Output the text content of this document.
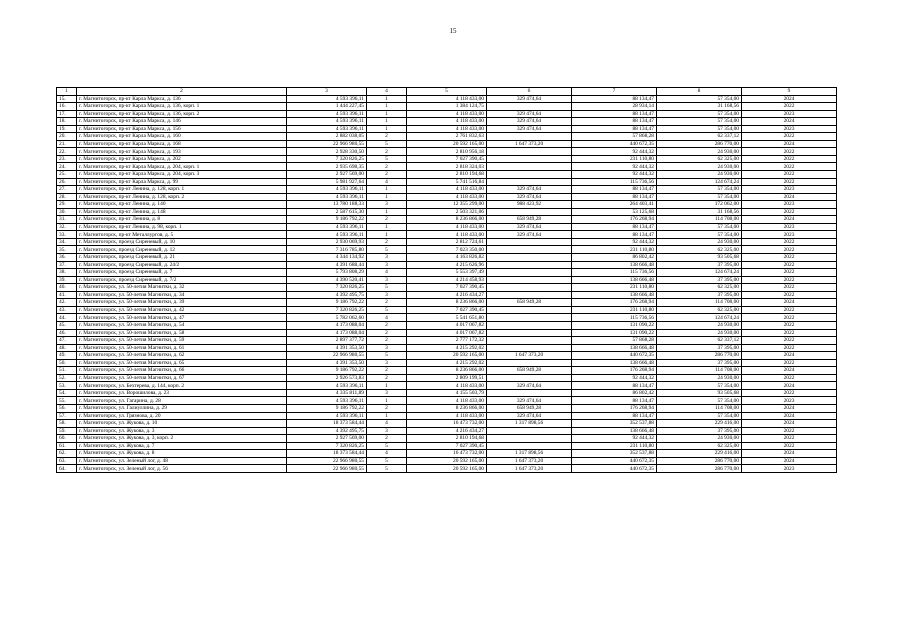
15
1	2	3	4	5	6	7	8	9
15.	г. Магнитогорск, пр-кт Карла Маркса, д. 136	4 593 396,11	1	4 118 433,00	329 474,64	88 134,47	57 354,00	2024
16.	г. Магнитогорск, пр-кт Карла Маркса, д. 136, корп. 1	1 444 227,45	1	1 384 124,75		28 934,14	31 168,56	2022
17.	г. Магнитогорск, пр-кт Карла Маркса, д. 136, корп. 2	4 593 396,11	1	4 118 433,00	329 474,64	88 134,47	57 354,00	2023
18.	г. Магнитогорск, пр-кт Карла Маркса, д. 146	4 593 396,11	1	4 118 433,00	329 474,64	88 134,47	57 354,00	2024
19.	г. Магнитогорск, пр-кт Карла Маркса, д. 156	4 593 396,11	1	4 118 433,00	329 474,64	88 134,47	57 354,00	2023
20.	г. Магнитогорск, пр-кт Карла Маркса, д. 160	2 882 038,05	2	2 761 832,63		57 868,28	62 337,12	2022
21.	г. Магнитогорск, пр-кт Карла Маркса, д. 168	22 966 980,55	5	20 592 165,00	1 647 373,20	440 672,35	286 770,00	2024
22.	г. Магнитогорск, пр-кт Карла Маркса, д. 193	2 928 330,50	2	2 810 956,18		92 444,32	24 930,00	2022
23.	г. Магнитогорск, пр-кт Карла Маркса, д. 202	7 320 826,25	5	7 027 390,45		231 110,80	62 325,00	2022
24.	г. Магнитогорск, пр-кт Карла Маркса, д. 204, корп. 1	2 935 698,35	2	2 818 324,03		92 444,32	24 930,00	2022
25.	г. Магнитогорск, пр-кт Карла Маркса, д. 204, корп. 3	2 927 569,00	2	2 810 194,68		92 444,32	24 930,00	2022
26.	г. Магнитогорск, пр-кт Карла Маркса, д. 99	5 981 927,64	4	5 741 516,84		115 736,56	124 674,24	2022
27.	г. Магнитогорск, пр-кт Ленина, д. 128, корп. 1	4 593 396,11	1	4 118 433,00	329 474,64	88 134,47	57 354,00	2023
28.	г. Магнитогорск, пр-кт Ленина, д. 128, корп. 2	4 593 396,11	1	4 118 433,00	329 474,64	88 134,47	57 354,00	2024
29.	г. Магнитогорск, пр-кт Ленина, д. 140	13 780 188,33	3	12 355 299,00	988 423,92	264 403,41	172 062,00	2023
30.	г. Магнитогорск, пр-кт Ленина, д. 148	2 587 615,30	1	2 503 321,06		53 125,68	31 168,56	2022
31.	г. Магнитогорск, пр-кт Ленина, д. 8	9 186 792,22	2	8 236 866,00	658 949,28	176 268,94	114 708,00	2024
32.	г. Магнитогорск, пр-кт Ленина, д. 98, корп. 1	4 593 396,11	1	4 118 433,00	329 474,64	88 134,47	57 354,00	2023
33.	г. Магнитогорск, пр-кт Металлургов, д. 5	4 593 396,11	1	4 118 433,00	329 474,64	88 134,47	57 354,00	2023
34.	г. Магнитогорск, проезд Сиреневый, д. 10	2 930 069,93	2	2 812 724,61		92 444,32	24 930,00	2022
35.	г. Магнитогорск, проезд Сиреневый, д. 12	7 316 785,80	5	7 023 350,00		231 110,80	62 325,00	2022
36.	г. Магнитогорск, проезд Сиреневый, д. 21	4 344 134,92	3	4 163 826,82		86 802,42	93 505,68	2022
37.	г. Магнитогорск, проезд Сиреневый, д. 24/2	4 391 688,44	3	4 215 626,96		138 666,48	37 395,00	2022
38.	г. Магнитогорск, проезд Сиреневый, д. 7	5 793 808,29	4	5 553 397,49		115 736,56	124 674,24	2022
39.	г. Магнитогорск, проезд Сиреневый, д. 7/2	4 390 520,41	3	4 214 458,93		138 666,48	37 395,00	2022
40.	г. Магнитогорск, ул. 50-летия Магнитки, д. 32	7 320 826,25	5	7 027 390,45		231 110,80	62 325,00	2022
41.	г. Магнитогорск, ул. 50-летия Магнитки, д. 34	4 392 495,75	3	4 216 434,27		138 666,48	37 395,00	2022
42.	г. Магнитогорск, ул. 50-летия Магнитки, д. 39	9 186 792,22	2	8 236 866,00	658 949,28	176 268,94	114 708,00	2024
43.	г. Магнитогорск, ул. 50-летия Магнитки, д. 42	7 320 826,25	5	7 027 390,45		231 110,80	62 325,00	2022
44.	г. Магнитогорск, ул. 50-летия Магнитки, д. 47	5 782 062,60	4	5 541 651,80		115 736,56	124 674,24	2022
45.	г. Магнитогорск, ул. 50-летия Магнитки, д. 54	4 173 088,04	2	4 017 067,82		131 090,22	24 930,00	2022
46.	г. Магнитогорск, ул. 50-летия Магнитки, д. 58	4 173 088,04	2	4 017 067,82		131 090,22	24 930,00	2022
47.	г. Магнитогорск, ул. 50-летия Магнитки, д. 59	2 897 377,72	2	2 777 172,32		57 868,28	62 337,12	2022
48.	г. Магнитогорск, ул. 50-летия Магнитки, д. 61	4 391 353,50	3	4 215 292,02		138 666,48	37 395,00	2022
49.	г. Магнитогорск, ул. 50-летия Магнитки, д. 62	22 966 980,55	5	20 592 165,00	1 647 373,20	440 672,35	286 770,00	2024
50.	г. Магнитогорск, ул. 50-летия Магнитки, д. 65	4 391 353,50	3	4 215 292,02		138 666,48	37 395,00	2022
51.	г. Магнитогорск, ул. 50-летия Магнитки, д. 66	9 186 792,22	2	8 236 866,00	658 949,28	176 268,94	114 708,00	2024
52.	г. Магнитогорск, ул. 50-летия Магнитки, д. 67	2 926 573,83	2	2 809 199,51		92 444,32	24 930,00	2022
53.	г. Магнитогорск, ул. Бехтерева, д. 144, корп. 2	4 593 396,11	1	4 118 433,00	329 474,64	88 134,47	57 354,00	2024
54.	г. Магнитогорск, ул. Ворошилова, д. 23	4 335 811,89	3	4 155 503,79		86 802,42	93 505,68	2022
55.	г. Магнитогорск, ул. Гагарина, д. 28	4 593 396,11	1	4 118 433,00	329 474,64	88 134,47	57 354,00	2023
56.	г. Магнитогорск, ул. Галиуллина, д. 29	9 186 792,22	2	8 236 866,00	658 949,28	176 268,94	114 708,00	2024
57.	г. Магнитогорск, ул. Грязнова, д. 20	4 593 396,11	1	4 118 433,00	329 474,64	88 134,47	57 354,00	2024
58.	г. Магнитогорск, ул. Жукова, д. 10	18 373 584,44	4	16 473 732,00	1 317 898,56	352 537,88	229 416,00	2024
59.	г. Магнитогорск, ул. Жукова, д. 3	4 392 495,75	3	4 216 434,27		138 666,48	37 395,00	2022
60.	г. Магнитогорск, ул. Жукова, д. 3, корп. 2	2 927 569,00	2	2 810 194,68		92 444,32	24 930,00	2022
61.	г. Магнитогорск, ул. Жукова, д. 7	7 320 826,25	5	7 027 390,45		231 110,80	62 325,00	2022
62.	г. Магнитогорск, ул. Жукова, д. 8	18 373 584,44	4	16 473 732,00	1 317 898,56	352 537,88	229 416,00	2024
63.	г. Магнитогорск, ул. Зеленый лог, д. 48	22 966 980,55	5	20 592 165,00	1 647 373,20	440 672,35	286 770,00	2024
64.	г. Магнитогорск, ул. Зеленый лог, д. 56	22 966 980,55	5	20 592 165,00	1 647 373,20	440 672,35	286 770,00	2023
